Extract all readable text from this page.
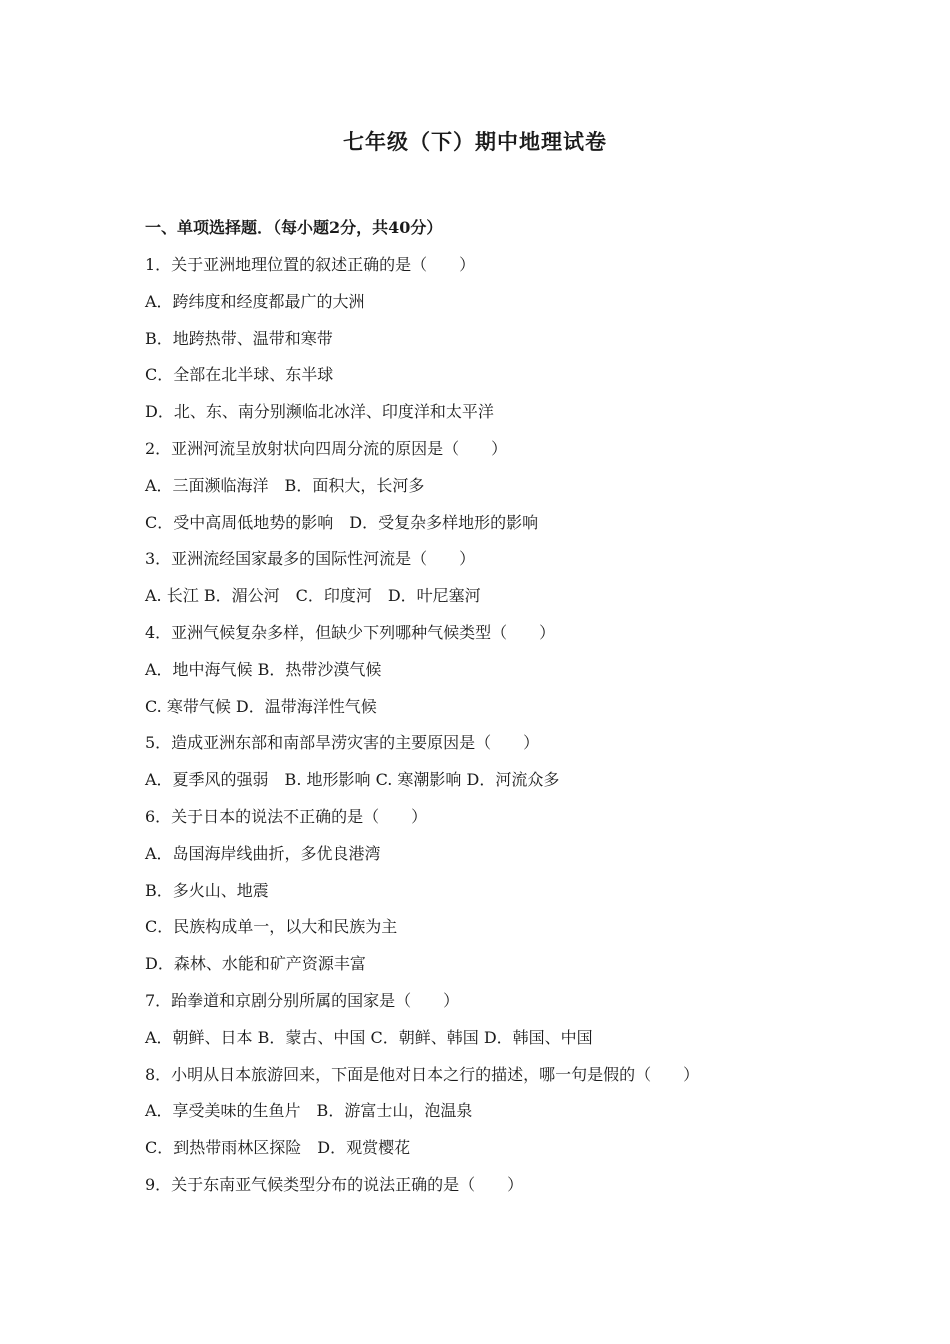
七年级（下）期中地理试卷
一、单项选择题．（每小题2分，共40分）
1．关于亚洲地理位置的叙述正确的是（　　）
A．跨纬度和经度都最广的大洲
B．地跨热带、温带和寒带
C．全部在北半球、东半球
D．北、东、南分别濒临北冰洋、印度洋和太平洋
2．亚洲河流呈放射状向四周分流的原因是（　　）
A．三面濒临海洋　B．面积大，长河多
C．受中高周低地势的影响　D．受复杂多样地形的影响
3．亚洲流经国家最多的国际性河流是（　　）
A. 长江 B．湄公河　C．印度河　D．叶尼塞河
4．亚洲气候复杂多样，但缺少下列哪种气候类型（　　）
A．地中海气候 B．热带沙漠气候
C. 寒带气候 D．温带海洋性气候
5．造成亚洲东部和南部旱涝灾害的主要原因是（　　）
A．夏季风的强弱　B. 地形影响 C. 寒潮影响 D．河流众多
6．关于日本的说法不正确的是（　　）
A．岛国海岸线曲折，多优良港湾
B．多火山、地震
C．民族构成单一，以大和民族为主
D．森林、水能和矿产资源丰富
7．跆拳道和京剧分别所属的国家是（　　）
A．朝鲜、日本 B．蒙古、中国 C．朝鲜、韩国 D．韩国、中国
8．小明从日本旅游回来，下面是他对日本之行的描述，哪一句是假的（　　）
A．享受美味的生鱼片　B．游富士山，泡温泉
C．到热带雨林区探险　D．观赏樱花
9．关于东南亚气候类型分布的说法正确的是（　　）
